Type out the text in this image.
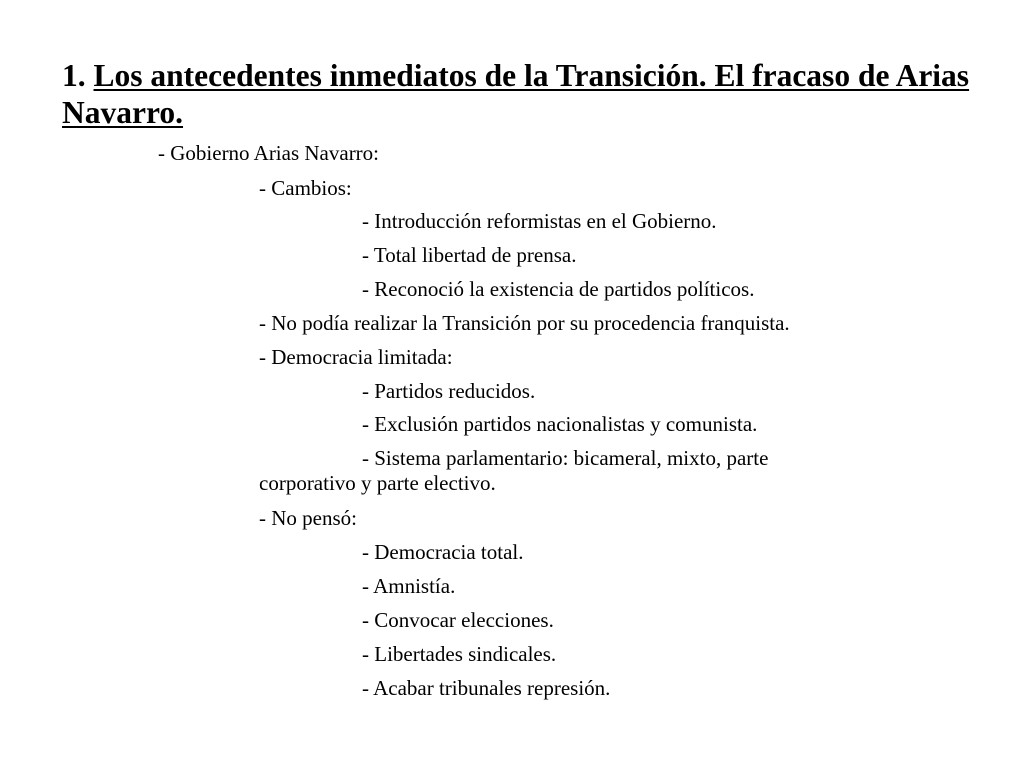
1. Los antecedentes inmediatos de la Transición. El fracaso de Arias Navarro.

- Gobierno Arias Navarro:

- Cambios:

- Introducción reformistas en el Gobierno.

- Total libertad de prensa.

- Reconoció la existencia de partidos políticos.

- No podía realizar la Transición por su procedencia franquista.

- Democracia limitada:

- Partidos reducidos.

- Exclusión partidos nacionalistas y comunista.

- Sistema parlamentario: bicameral, mixto, parte
corporativo y parte electivo.

- No pensó:

- Democracia total.

- Amnistía.

- Convocar elecciones.

- Libertades sindicales.

- Acabar tribunales represión.
